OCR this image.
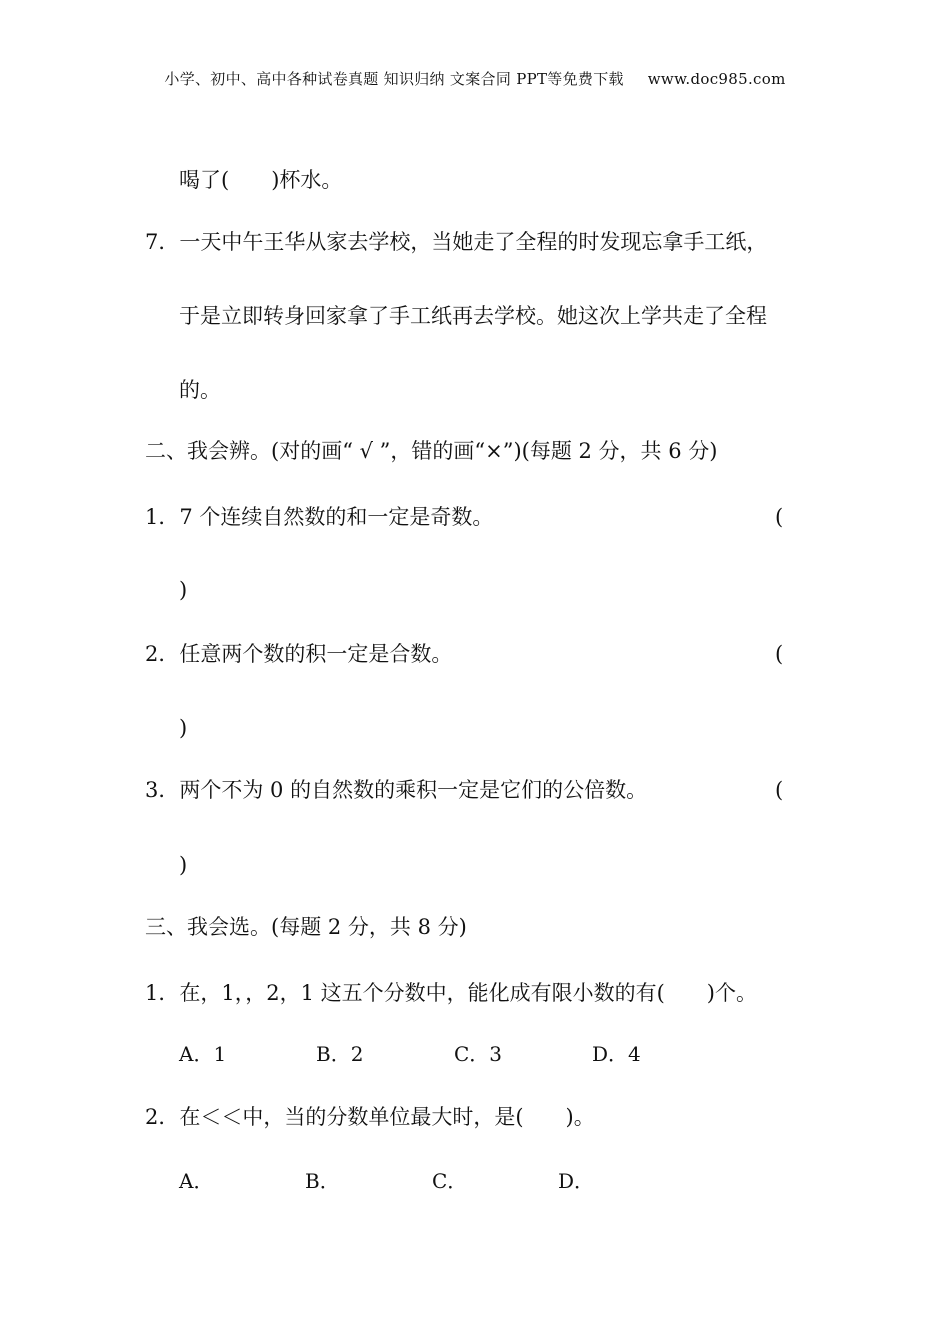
小学、初中、高中各种试卷真题 知识归纳 文案合同 PPT等免费下载 www.doc985.com
喝了(　　)杯水。
7．一天中午王华从家去学校，当她走了全程的时发现忘拿手工纸，
于是立即转身回家拿了手工纸再去学校。她这次上学共走了全程
的。
二、我会辨。(对的画“ √ ”，错的画“×”)(每题 2 分，共 6 分)
1．7 个连续自然数的和一定是奇数。	(
)
2．任意两个数的积一定是合数。	(
)
3．两个不为 0 的自然数的乘积一定是它们的公倍数。	(
)
三、我会选。(每题 2 分，共 8 分)
1．在，1，，2，1 这五个分数中，能化成有限小数的有(　　)个。
A．1	B．2	C．3	D．4
2．在＜＜中，当的分数单位最大时，是(　　)。
A．	B．	C．	D．
